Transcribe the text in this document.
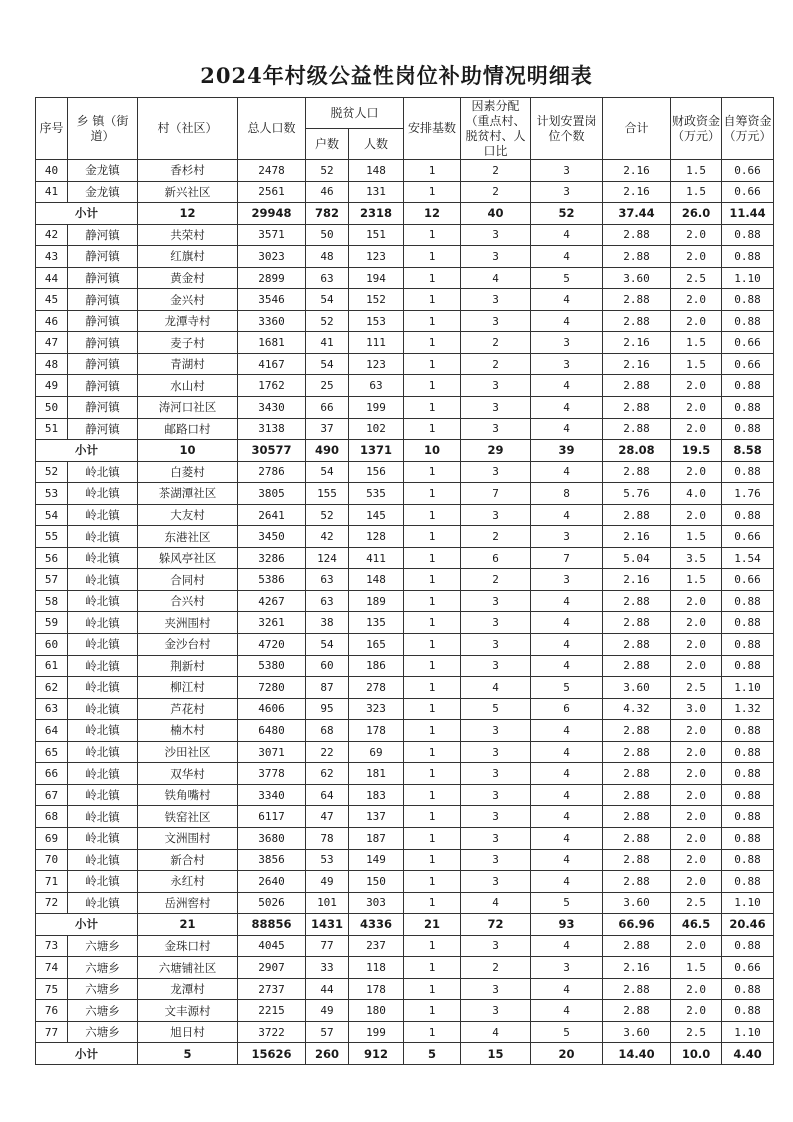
2024年村级公益性岗位补助情况明细表
序号	乡 镇（街道）	村（社区）	总人口数	脱贫人口		安排基数	因素分配（重点村、脱贫村、人口比	计划安置岗位个数	合计	财政资金（万元）	自筹资金（万元）
				户数	人数						
40	金龙镇	香杉村	2478	52	148	1	2	3	2.16	1.5	0.66
41	金龙镇	新兴社区	2561	46	131	1	2	3	2.16	1.5	0.66
小计		12	29948	782	2318	12	40	52	37.44	26.0	11.44
42	静河镇	共荣村	3571	50	151	1	3	4	2.88	2.0	0.88
43	静河镇	红旗村	3023	48	123	1	3	4	2.88	2.0	0.88
44	静河镇	黄金村	2899	63	194	1	4	5	3.60	2.5	1.10
45	静河镇	金兴村	3546	54	152	1	3	4	2.88	2.0	0.88
46	静河镇	龙潭寺村	3360	52	153	1	3	4	2.88	2.0	0.88
47	静河镇	麦子村	1681	41	111	1	2	3	2.16	1.5	0.66
48	静河镇	青湖村	4167	54	123	1	2	3	2.16	1.5	0.66
49	静河镇	水山村	1762	25	63	1	3	4	2.88	2.0	0.88
50	静河镇	涛河口社区	3430	66	199	1	3	4	2.88	2.0	0.88
51	静河镇	邮路口村	3138	37	102	1	3	4	2.88	2.0	0.88
小计		10	30577	490	1371	10	29	39	28.08	19.5	8.58
52	岭北镇	白菱村	2786	54	156	1	3	4	2.88	2.0	0.88
53	岭北镇	茶湖潭社区	3805	155	535	1	7	8	5.76	4.0	1.76
54	岭北镇	大友村	2641	52	145	1	3	4	2.88	2.0	0.88
55	岭北镇	东港社区	3450	42	128	1	2	3	2.16	1.5	0.66
56	岭北镇	躲风亭社区	3286	124	411	1	6	7	5.04	3.5	1.54
57	岭北镇	合同村	5386	63	148	1	2	3	2.16	1.5	0.66
58	岭北镇	合兴村	4267	63	189	1	3	4	2.88	2.0	0.88
59	岭北镇	夹洲围村	3261	38	135	1	3	4	2.88	2.0	0.88
60	岭北镇	金沙台村	4720	54	165	1	3	4	2.88	2.0	0.88
61	岭北镇	荆新村	5380	60	186	1	3	4	2.88	2.0	0.88
62	岭北镇	柳江村	7280	87	278	1	4	5	3.60	2.5	1.10
63	岭北镇	芦花村	4606	95	323	1	5	6	4.32	3.0	1.32
64	岭北镇	楠木村	6480	68	178	1	3	4	2.88	2.0	0.88
65	岭北镇	沙田社区	3071	22	69	1	3	4	2.88	2.0	0.88
66	岭北镇	双华村	3778	62	181	1	3	4	2.88	2.0	0.88
67	岭北镇	铁角嘴村	3340	64	183	1	3	4	2.88	2.0	0.88
68	岭北镇	铁窑社区	6117	47	137	1	3	4	2.88	2.0	0.88
69	岭北镇	文洲围村	3680	78	187	1	3	4	2.88	2.0	0.88
70	岭北镇	新合村	3856	53	149	1	3	4	2.88	2.0	0.88
71	岭北镇	永红村	2640	49	150	1	3	4	2.88	2.0	0.88
72	岭北镇	岳洲窖村	5026	101	303	1	4	5	3.60	2.5	1.10
小计		21	88856	1431	4336	21	72	93	66.96	46.5	20.46
73	六塘乡	金珠口村	4045	77	237	1	3	4	2.88	2.0	0.88
74	六塘乡	六塘铺社区	2907	33	118	1	2	3	2.16	1.5	0.66
75	六塘乡	龙潭村	2737	44	178	1	3	4	2.88	2.0	0.88
76	六塘乡	文丰源村	2215	49	180	1	3	4	2.88	2.0	0.88
77	六塘乡	旭日村	3722	57	199	1	4	5	3.60	2.5	1.10
小计		5	15626	260	912	5	15	20	14.40	10.0	4.40
